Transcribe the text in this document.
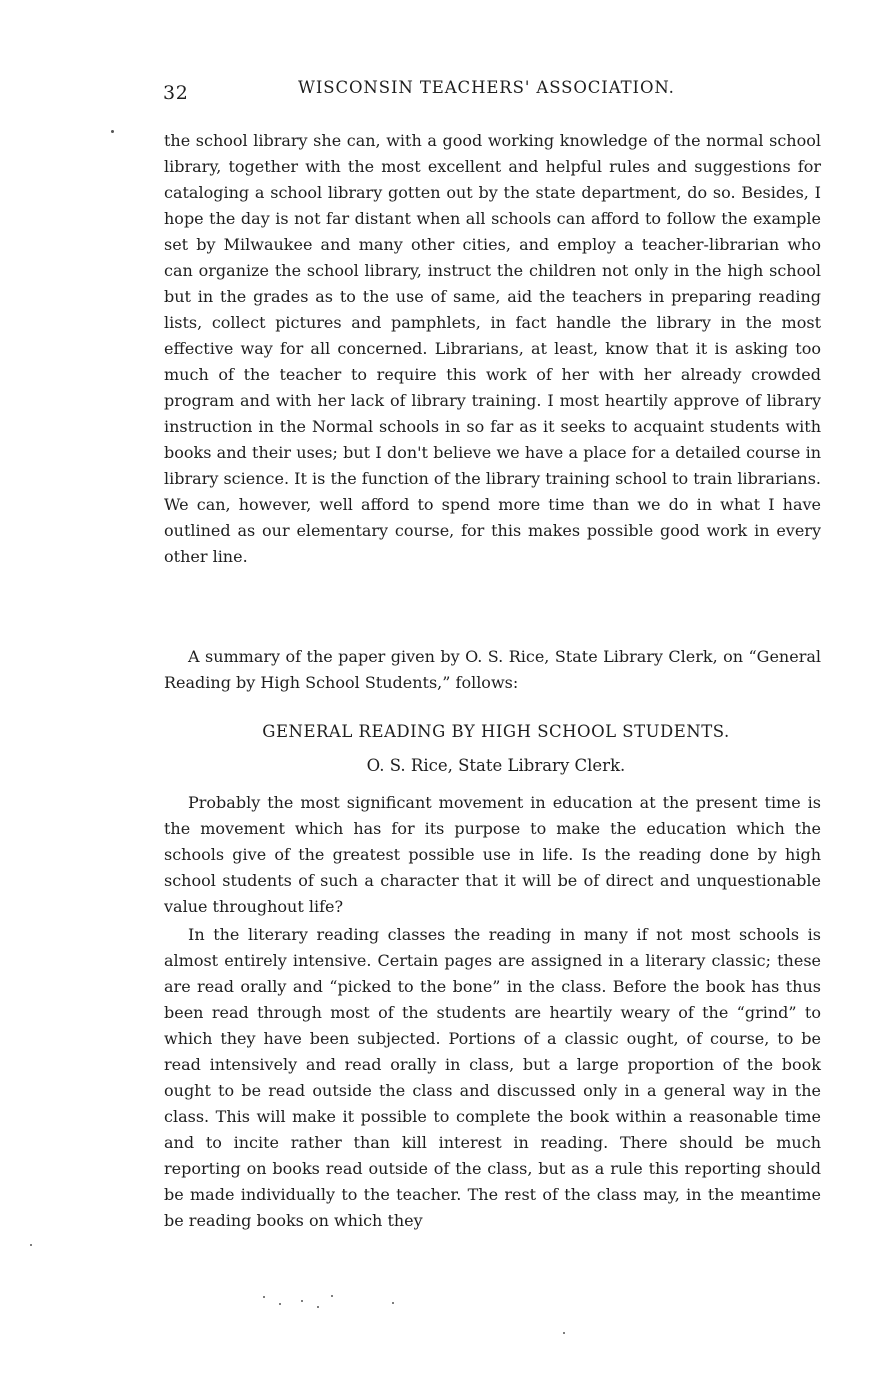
32	WISCONSIN TEACHERS' ASSOCIATION.

the school library she can, with a good working knowledge of the normal school library, together with the most excellent and helpful rules and suggestions for cataloging a school library gotten out by the state department, do so. Besides, I hope the day is not far distant when all schools can afford to follow the example set by Milwaukee and many other cities, and employ a teacher-librarian who can organize the school library, instruct the children not only in the high school but in the grades as to the use of same, aid the teachers in preparing reading lists, collect pictures and pamphlets, in fact handle the library in the most effective way for all concerned. Librarians, at least, know that it is asking too much of the teacher to require this work of her with her already crowded program and with her lack of library training. I most heartily approve of library instruction in the Normal schools in so far as it seeks to acquaint students with books and their uses; but I don't believe we have a place for a detailed course in library science. It is the function of the library training school to train librarians. We can, however, well afford to spend more time than we do in what I have outlined as our elementary course, for this makes possible good work in every other line.

A summary of the paper given by O. S. Rice, State Library Clerk, on “General Reading by High School Students,” follows:

GENERAL READING BY HIGH SCHOOL STUDENTS.
O. S. Rice, State Library Clerk.

Probably the most significant movement in education at the present time is the movement which has for its purpose to make the education which the schools give of the greatest possible use in life. Is the reading done by high school students of such a character that it will be of direct and unquestionable value throughout life?

In the literary reading classes the reading in many if not most schools is almost entirely intensive. Certain pages are assigned in a literary classic; these are read orally and “picked to the bone” in the class. Before the book has thus been read through most of the students are heartily weary of the “grind” to which they have been subjected. Portions of a classic ought, of course, to be read intensively and read orally in class, but a large proportion of the book ought to be read outside the class and discussed only in a general way in the class. This will make it possible to complete the book within a reasonable time and to incite rather than kill interest in reading. There should be much reporting on books read outside of the class, but as a rule this reporting should be made individually to the teacher. The rest of the class may, in the meantime be reading books on which they
